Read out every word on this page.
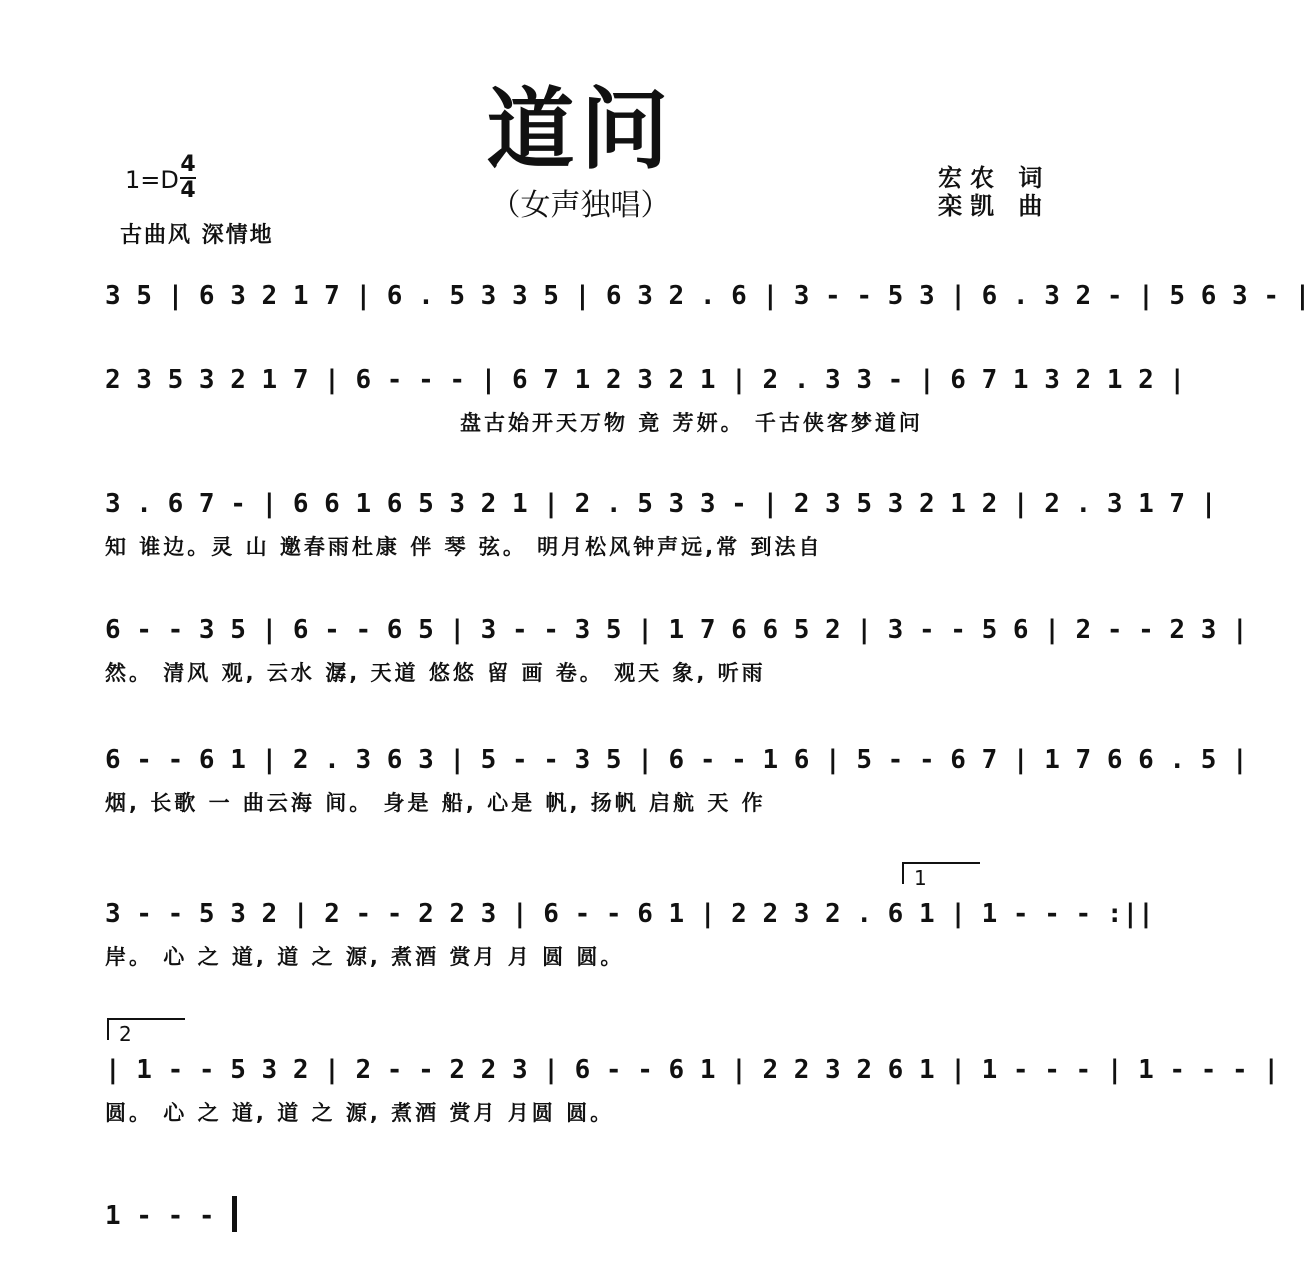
道问
（女声独唱）
1=D
4
4
古曲风 深情地
宏农 词
栾凯 曲
3 5 | 6 3 2 1 7 | 6 . 5 3 3 5 | 6 3 2 . 6 | 3 - - 5 3 | 6 . 3 2 - | 5 6 3 - |
2 3 5 3 2 1 7 | 6 - - - | 6 7 1 2 3 2 1 | 2 . 3 3 - | 6 7 1 3 2 1 2 |
盘古始开天万物 竟 芳妍。 千古侠客梦道问
3 . 6 7 - | 6 6 1 6 5 3 2 1 | 2 . 5 3 3 - | 2 3 5 3 2 1 2 | 2 . 3 1 7 |
知 谁边。灵 山 邀春雨杜康 伴 琴 弦。 明月松风钟声远,常 到法自
6 - - 3 5 | 6 - - 6 5 | 3 - - 3 5 | 1 7 6 6 5 2 | 3 - - 5 6 | 2 - - 2 3 |
然。 清风 观, 云水 潺, 天道 悠悠 留 画 卷。 观天 象, 听雨
6 - - 6 1 | 2 . 3 6 3 | 5 - - 3 5 | 6 - - 1 6 | 5 - - 6 7 | 1 7 6 6 . 5 |
烟, 长歌 一 曲云海 间。 身是 船, 心是 帆, 扬帆 启航 天 作
1
3 - - 5 3 2 | 2 - - 2 2 3 | 6 - - 6 1 | 2 2 3 2 . 6 1 | 1 - - - :||
岸。 心 之 道, 道 之 源, 煮酒 赏月 月 圆 圆。
2
| 1 - - 5 3 2 | 2 - - 2 2 3 | 6 - - 6 1 | 2 2 3 2 6 1 | 1 - - - | 1 - - - |
圆。 心 之 道, 道 之 源, 煮酒 赏月 月圆 圆。
1 - - -
